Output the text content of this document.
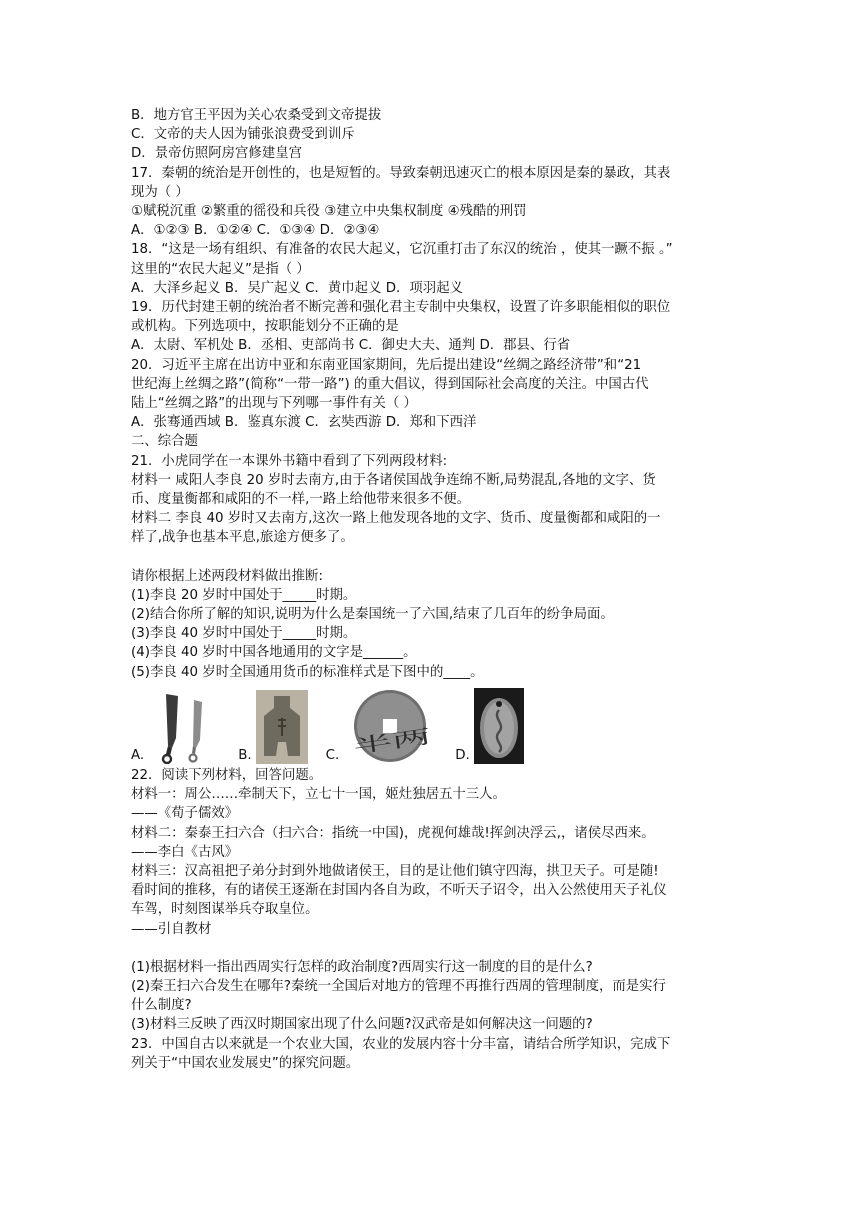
B．地方官王平因为关心农桑受到文帝提拔

C．文帝的夫人因为铺张浪费受到训斥

D．景帝仿照阿房宫修建皇宫

17．秦朝的统治是开创性的，也是短暂的。导致秦朝迅速灭亡的根本原因是秦的暴政，其表

现为（ ）

①赋税沉重 ②繁重的徭役和兵役 ③建立中央集权制度 ④残酷的刑罚

A．①②③ B．①②④ C．①③④ D．②③④

18．“这是一场有组织、有准备的农民大起义，它沉重打击了东汉的统治 ，使其一蹶不振 。”

这里的“农民大起义”是指（ ）

A．大泽乡起义 B．吴广起义 C．黄巾起义 D．项羽起义

19．历代封建王朝的统治者不断完善和强化君主专制中央集权，设置了许多职能相似的职位

或机构。下列选项中，按职能划分不正确的是

A．太尉、军机处 B．丞相、吏部尚书 C．御史大夫、通判 D．郡县、行省

20．习近平主席在出访中亚和东南亚国家期间，先后提出建设“丝绸之路经济带”和“21

世纪海上丝绸之路”(简称“一带一路”) 的重大倡议，得到国际社会高度的关注。中国古代

陆上“丝绸之路”的出现与下列哪一事件有关（ ）

A．张骞通西域 B．鉴真东渡 C．玄奘西游 D．郑和下西洋

二、综合题

21．小虎同学在一本课外书籍中看到了下列两段材料:

材料一 咸阳人李良 20 岁时去南方,由于各诸侯国战争连绵不断,局势混乱,各地的文字、货

币、度量衡都和咸阳的不一样,一路上给他带来很多不便。

材料二 李良 40 岁时又去南方,这次一路上他发现各地的文字、货币、度量衡都和咸阳的一

样了,战争也基本平息,旅途方便多了。

请你根据上述两段材料做出推断:

(1)李良 20 岁时中国处于_____时期。

(2)结合你所了解的知识,说明为什么是秦国统一了六国,结束了几百年的纷争局面。

(3)李良 40 岁时中国处于_____时期。

(4)李良 40 岁时中国各地通用的文字是______。

(5)李良 40 岁时全国通用货币的标准样式是下图中的____。

A.	B.	C. 半两	D.

22．阅读下列材料，回答问题。

材料一：周公……牵制天下，立七十一国，姬灶独居五十三人。

——《荀子儒效》

材料二：秦泰王扫六合（扫六合：指统一中国)，虎视何雄哉!挥剑决浮云,，诸侯尽西来。

——李白《古风》

材料三：汉高祖把子弟分封到外地做诸侯王，目的是让他们镇守四海，拱卫天子。可是随!

看时间的推移，有的诸侯王逐渐在封国内各自为政，不听天子诏令，出入公然使用天子礼仪

车驾，时刻图谋举兵夺取皇位。

——引自教材

(1)根据材料一指出西周实行怎样的政治制度?西周实行这一制度的目的是什么?

(2)秦王扫六合发生在哪年?秦统一全国后对地方的管理不再推行西周的管理制度，而是实行

什么制度?

(3)材料三反映了西汉时期国家出现了什么问题?汉武帝是如何解决这一问题的?

23．中国自古以来就是一个农业大国，农业的发展内容十分丰富，请结合所学知识，完成下

列关于“中国农业发展史”的探究问题。
